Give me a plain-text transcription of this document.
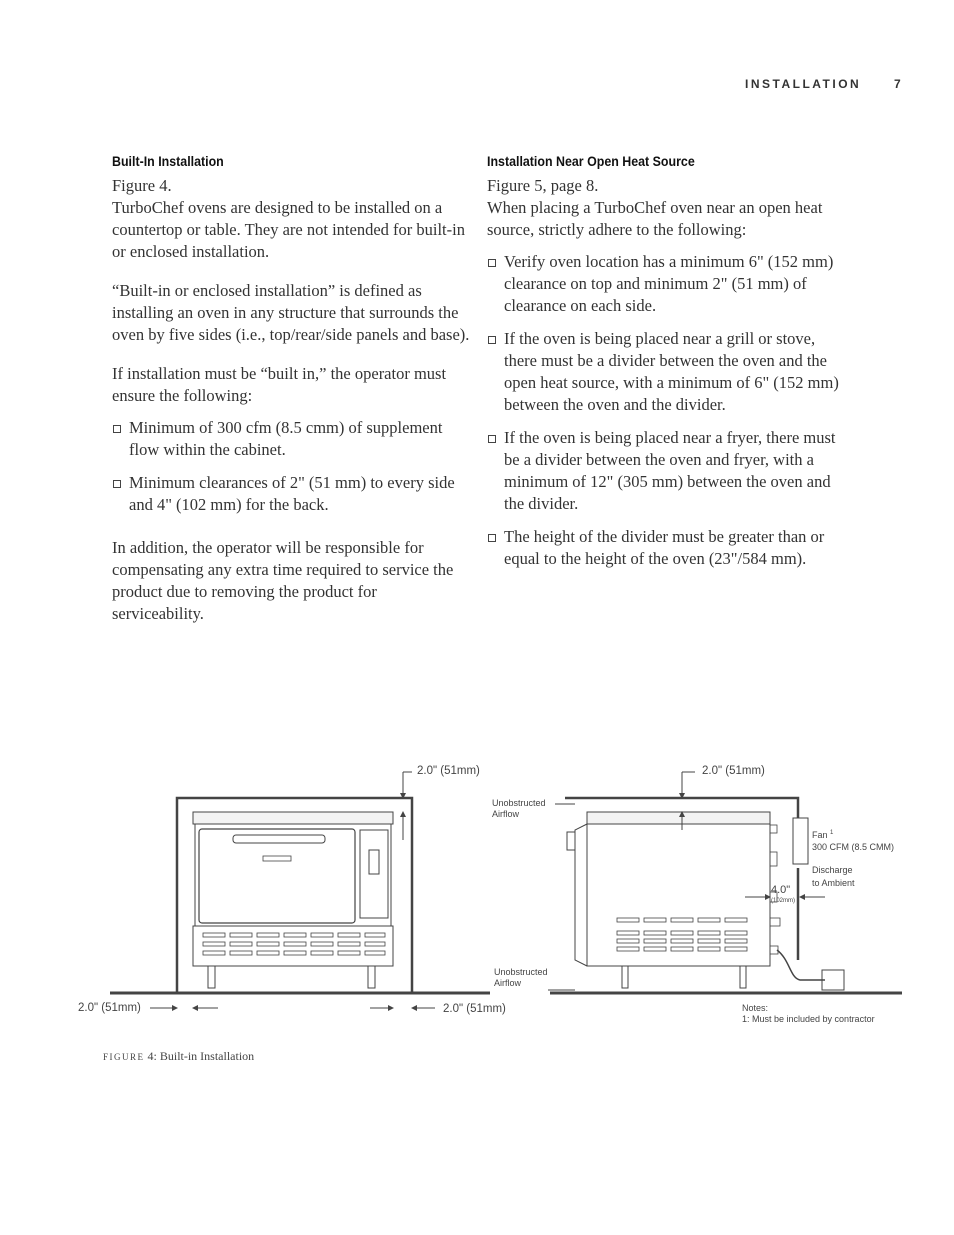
INSTALLATION	7
Built-In Installation

Figure 4.

TurboChef ovens are designed to be installed on a countertop or table. They are not intended for built-in or enclosed installation.

“Built-in or enclosed installation” is defined as installing an oven in any structure that surrounds the oven by five sides (i.e., top/rear/side panels and base).

If installation must be “built in,” the operator must ensure the following:

Minimum of 300 cfm (8.5 cmm) of supplement flow within the cabinet.
Minimum clearances of 2" (51 mm) to every side and 4" (102 mm) for the back.

In addition, the operator will be responsible for compensating any extra time required to service the product due to removing the product for serviceability.

Installation Near Open Heat Source

Figure 5, page 8.

When placing a TurboChef oven near an open heat source, strictly adhere to the following:

Verify oven location has a minimum 6" (152 mm) clearance on top and minimum 2" (51 mm) of clearance on each side.
If the oven is being placed near a grill or stove, there must be a divider between the oven and the open heat source, with a minimum of 6" (152 mm) between the oven and the divider.
If the oven is being placed near a fryer, there must be a divider between the oven and fryer, with a minimum of 12" (305 mm) between the oven and the divider.
The height of the divider must be greater than or equal to the height of the oven (23"/584 mm).
2.0" (51mm)
2.0" (51mm)	2.0" (51mm)
2.0" (51mm)
Unobstructed
Airflow
Unobstructed
Airflow
Fan 1
300 CFM (8.5 CMM)
Discharge
to Ambient
4.0"
(102mm)
Notes:
1: Must be included by contractor
FIGURE 4: Built-in Installation
